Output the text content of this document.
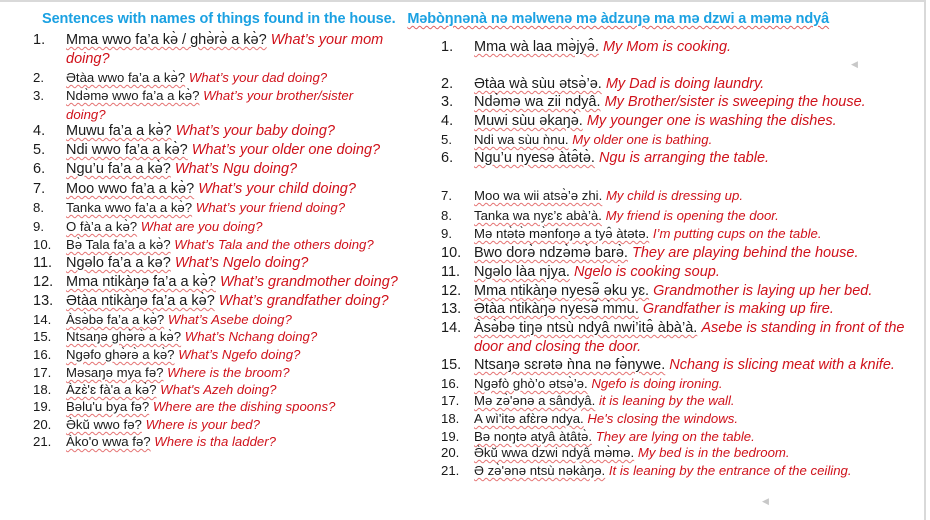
Sentences with names of things found in the house. Məbòŋnənà nə məlwenə mə àdzuŋə ma mə dzwi a məmə ndyâ
1. Mma wwo fa’a kə̀ / ghə̀rə̀ a kə̀? What’s your mom
doing?
2. Ətàa wwo fa’a a kə̀? What’s your dad doing?
3. Ndə̀mə wwo fa’a a kə̀? What’s your brother/sister
doing?
4. Muwu fa’a a kə̀? What’s your baby doing?
5. Ndi wwo fa’a a kə̀? What’s your older one doing?
6. Ngu’u fa’a a kə̀? What’s Ngu doing?
7. Moo wwo fa’a a kə̀? What’s your child doing?
8. Tanka wwo fa’a a kə̀? What’s your friend doing?
9. O fà’a a kə̀? What are you doing?
10. Bə̀ Tala fa’a a kə̀? What’s Tala and the others doing?
11. Ngəlo fa’a a kə? What’s Ngelo doing?
12. Mma ntikàŋə fa’a a kə̀? What’s grandmother doing?
13. Ətàa ntikàŋə fa’a a kə̀? What’s grandfather doing?
14. Àsə̀bə fa’a a kə̀? What’s Asebe doing?
15. Ntsaŋə ghə̀rə̀ a kə̀? What’s Nchang doing?
16. Ngəfo ghə̀rə̀ a kə̀? What’s Ngefo doing?
17. Məsaŋə mya fə? Where is the broom?
18. Àzɛ̀'ɛ fà'a a kə̀? What's Azeh doing?
19. Bəlu'u bya fə? Where are the dishing spoons?
20. Ə̀kŭ wwo fə? Where is your bed?
21. Àko'o wwa fə? Where is tha ladder?
1. Mma wà laa mə̀jyə̂. My Mom is cooking.
2. Ətàa wà sùu ətsə̀’ə. My Dad is doing laundry.
3. Ndə̀mə wa zii ndyâ. My Brother/sister is sweeping the house.
4. Muwi sùu əkaŋə̀. My younger one is washing the dishes.
5. Ndi wa sùu ǹnu. My older one is bathing.
6. Ngu’u nyesə àtə̂tə̀. Ngu is arranging the table.
7. Moo wa wii atsə̀’ə zhi. My child is dressing up.
8. Tanka wa nyɛ’ɛ abà’à. My friend is opening the door.
9. Mə ntə̀tə̀ mə̀nfoŋə a tyə̂ àtətə. I’m putting cups on the table.
10. Bwo dorə̀ ndzə̀mə̀ barə̀. They are playing behind the house.
11. Ngəlo làa njya. Ngelo is cooking soup.
12. Mma ntikàŋə nyesə̃ əku yɛ. Grandmother is laying up her bed.
13. Ətàa ntikàŋə nyesə̃ m̀mu. Grandfather is making up fire.
14. Àsə̀bə tiŋə ntsù ndyâ nwi’itə̂ àbà’à. Asebe is standing in front of the
door and closing the door.
15. Ntsaŋə sɛrətə ǹna nə fə̀nywe. Nchang is slicing meat with a knife.
16. Ngəfò ghò’o ətsə̀’ə. Ngefo is doing ironing.
17. Mə zə̀'ənə a sândyâ. it is leaning by the wall.
18. A wì'itə afɛ̀rə ndya. He's closing the windows.
19. Bə noŋtə atyâ àtâtə̀. They are lying on the table.
20. Ə̀kŭ wwa dzwi ndyâ mə̀mə. My bed is in the bedroom.
21. Ə zə̀'ənə ntsù nəkàŋə. It is leaning by the entrance of the ceiling.
◀
◀
